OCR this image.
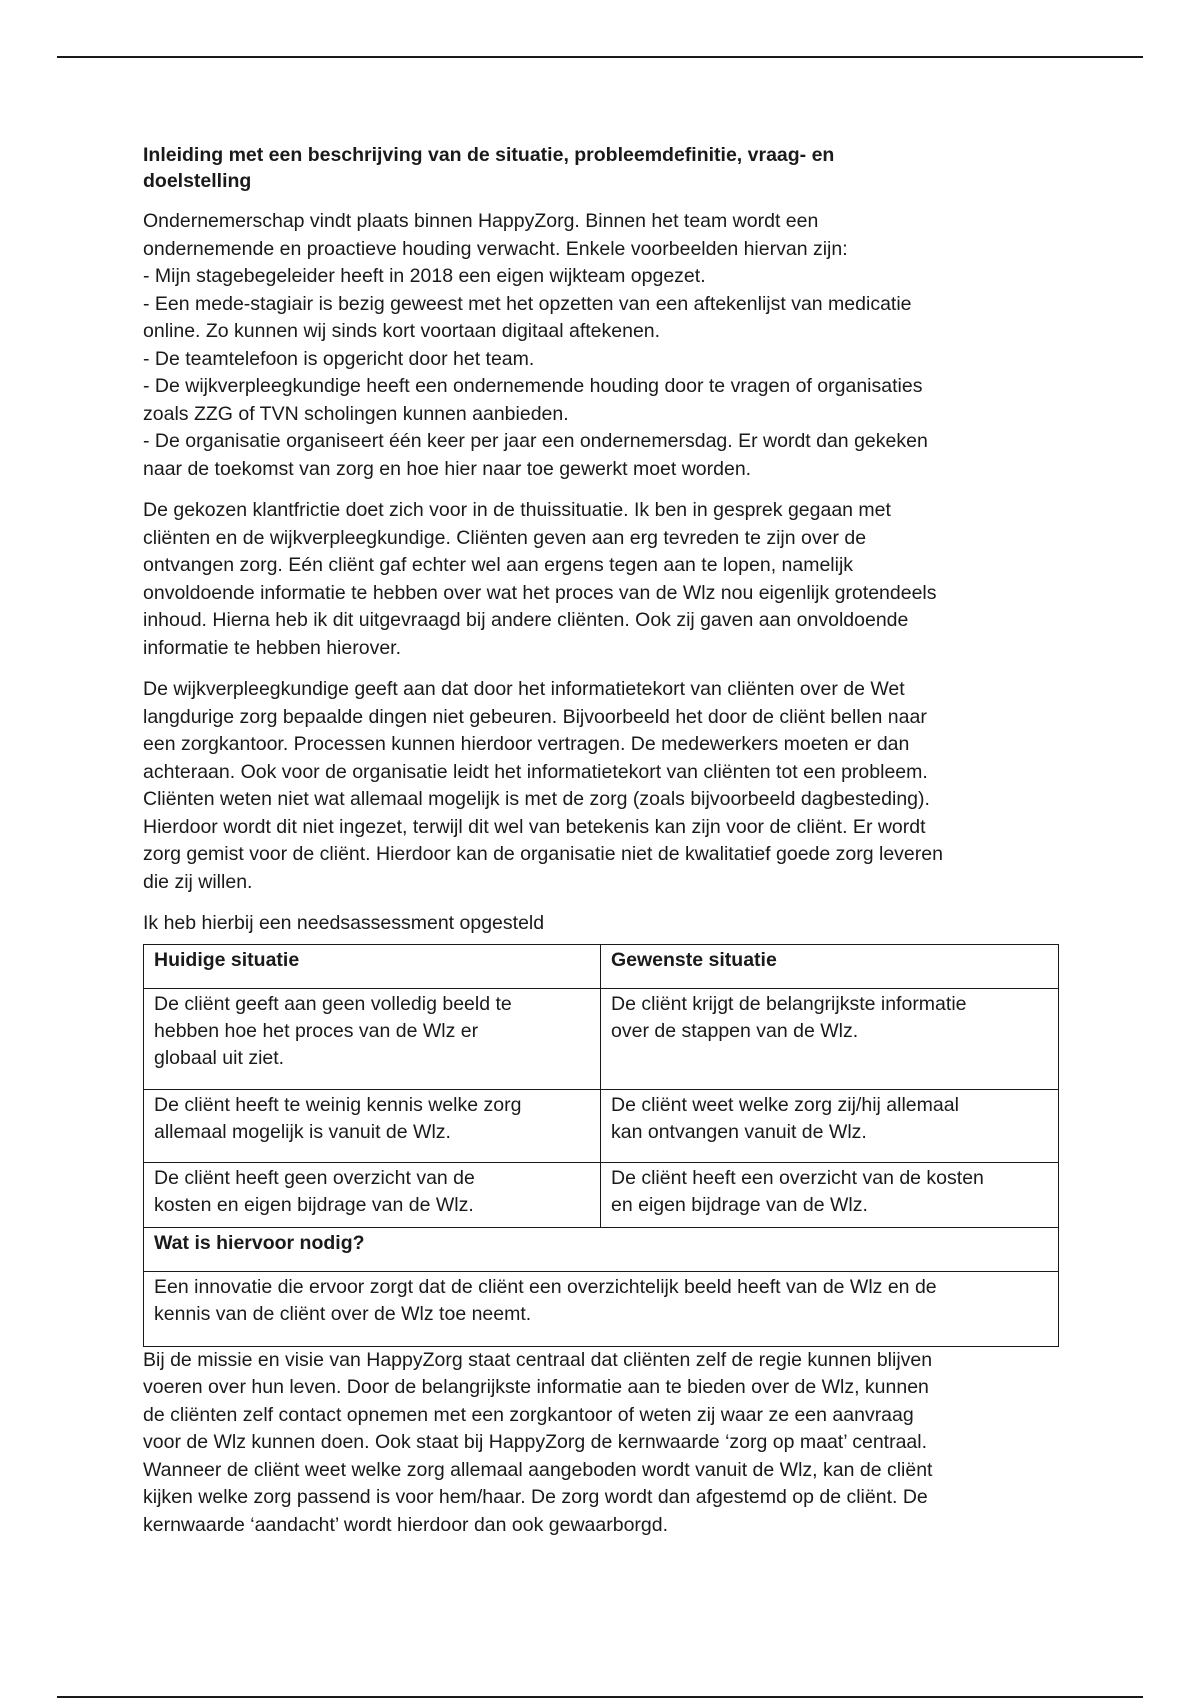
Inleiding met een beschrijving van de situatie, probleemdefinitie, vraag- en
doelstelling
Ondernemerschap vindt plaats binnen HappyZorg. Binnen het team wordt een
ondernemende en proactieve houding verwacht. Enkele voorbeelden hiervan zijn:
- Mijn stagebegeleider heeft in 2018 een eigen wijkteam opgezet.
- Een mede-stagiair is bezig geweest met het opzetten van een aftekenlijst van medicatie
online. Zo kunnen wij sinds kort voortaan digitaal aftekenen.
- De teamtelefoon is opgericht door het team.
- De wijkverpleegkundige heeft een ondernemende houding door te vragen of organisaties
zoals ZZG of TVN scholingen kunnen aanbieden.
- De organisatie organiseert één keer per jaar een ondernemersdag. Er wordt dan gekeken
naar de toekomst van zorg en hoe hier naar toe gewerkt moet worden.
De gekozen klantfrictie doet zich voor in de thuissituatie. Ik ben in gesprek gegaan met
cliënten en de wijkverpleegkundige. Cliënten geven aan erg tevreden te zijn over de
ontvangen zorg. Eén cliënt gaf echter wel aan ergens tegen aan te lopen, namelijk
onvoldoende informatie te hebben over wat het proces van de Wlz nou eigenlijk grotendeels
inhoud. Hierna heb ik dit uitgevraagd bij andere cliënten. Ook zij gaven aan onvoldoende
informatie te hebben hierover.
De wijkverpleegkundige geeft aan dat door het informatietekort van cliënten over de Wet
langdurige zorg bepaalde dingen niet gebeuren. Bijvoorbeeld het door de cliënt bellen naar
een zorgkantoor. Processen kunnen hierdoor vertragen. De medewerkers moeten er dan
achteraan. Ook voor de organisatie leidt het informatietekort van cliënten tot een probleem.
Cliënten weten niet wat allemaal mogelijk is met de zorg (zoals bijvoorbeeld dagbesteding).
Hierdoor wordt dit niet ingezet, terwijl dit wel van betekenis kan zijn voor de cliënt. Er wordt
zorg gemist voor de cliënt. Hierdoor kan de organisatie niet de kwalitatief goede zorg leveren
die zij willen.
Ik heb hierbij een needsassessment opgesteld
Huidige situatie	Gewenste situatie

De cliënt geeft aan geen volledig beeld te
hebben hoe het proces van de Wlz er
globaal uit ziet.	De cliënt krijgt de belangrijkste informatie
over de stappen van de Wlz.

De cliënt heeft te weinig kennis welke zorg
allemaal mogelijk is vanuit de Wlz.	De cliënt weet welke zorg zij/hij allemaal
kan ontvangen vanuit de Wlz.

De cliënt heeft geen overzicht van de
kosten en eigen bijdrage van de Wlz.	De cliënt heeft een overzicht van de kosten
en eigen bijdrage van de Wlz.

Wat is hiervoor nodig?	

Een innovatie die ervoor zorgt dat de cliënt een overzichtelijk beeld heeft van de Wlz en de
kennis van de cliënt over de Wlz toe neemt.	
Bij de missie en visie van HappyZorg staat centraal dat cliënten zelf de regie kunnen blijven
voeren over hun leven. Door de belangrijkste informatie aan te bieden over de Wlz, kunnen
de cliënten zelf contact opnemen met een zorgkantoor of weten zij waar ze een aanvraag
voor de Wlz kunnen doen. Ook staat bij HappyZorg de kernwaarde ‘zorg op maat’ centraal.
Wanneer de cliënt weet welke zorg allemaal aangeboden wordt vanuit de Wlz, kan de cliënt
kijken welke zorg passend is voor hem/haar. De zorg wordt dan afgestemd op de cliënt. De
kernwaarde ‘aandacht’ wordt hierdoor dan ook gewaarborgd.
